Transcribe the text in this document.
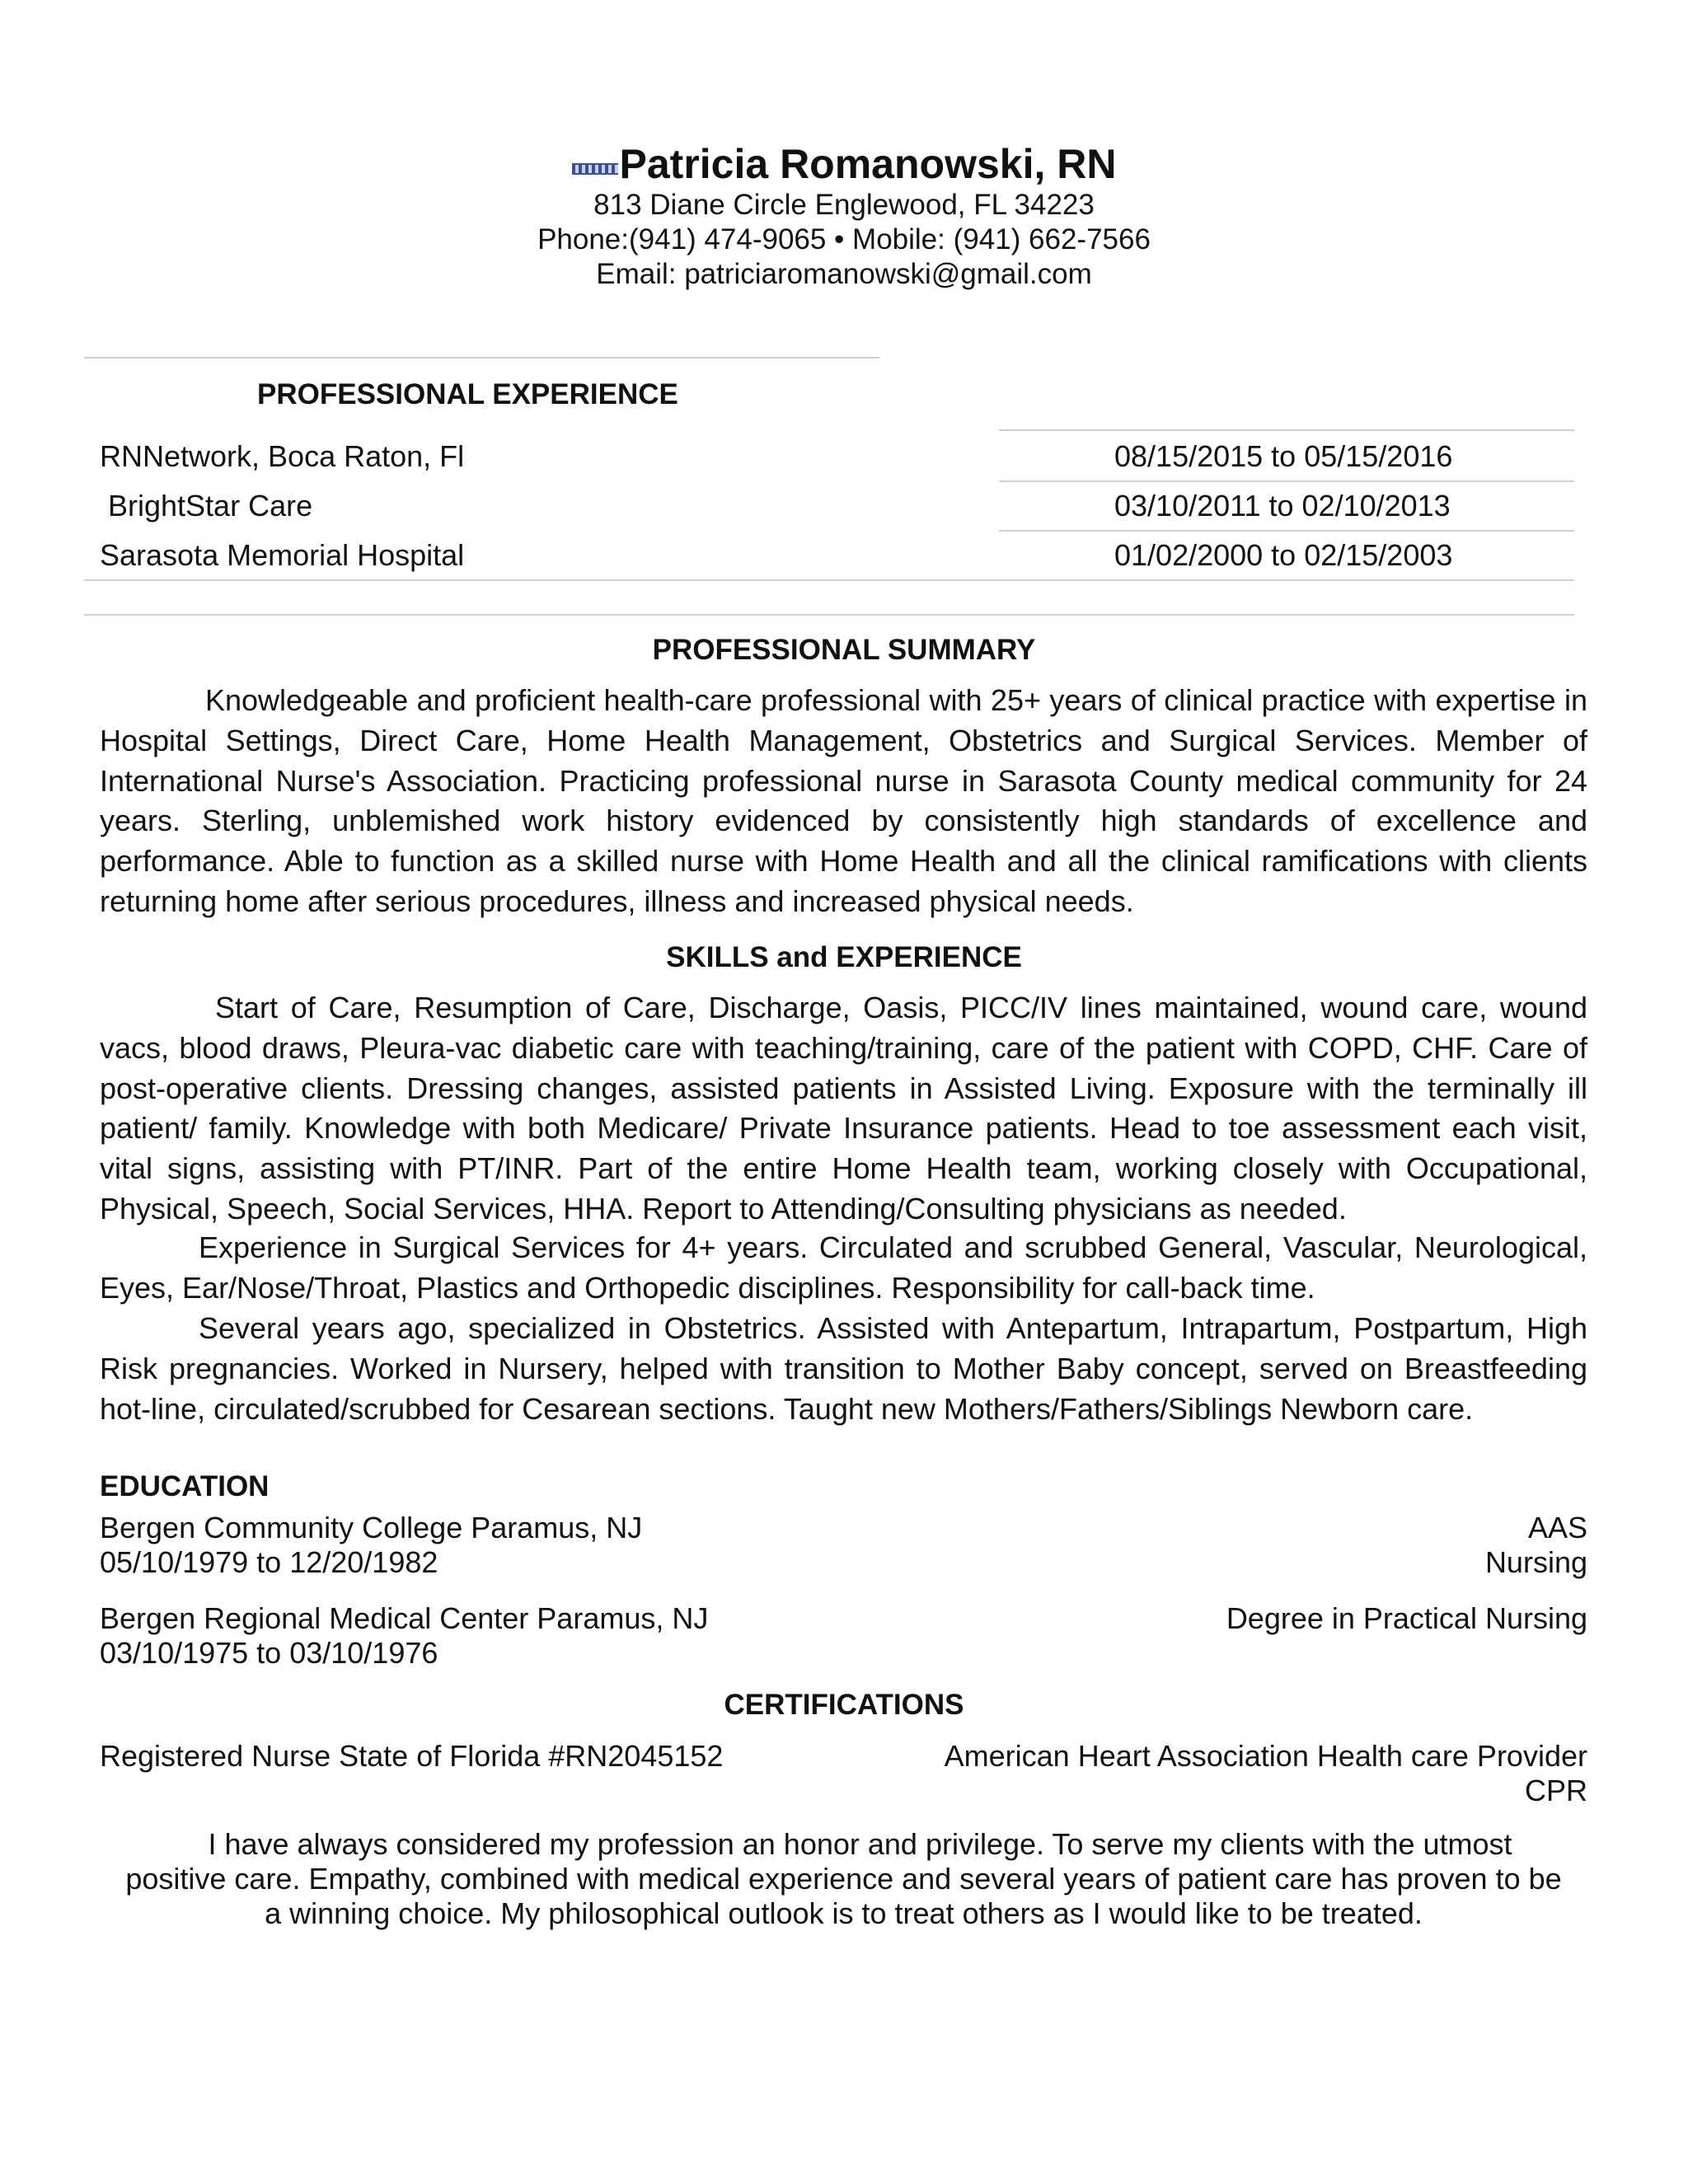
Patricia Romanowski, RN
813 Diane Circle Englewood, FL 34223
Phone:(941) 474-9065 • Mobile: (941) 662-7566
Email: patriciaromanowski@gmail.com
PROFESSIONAL EXPERIENCE
RNNetwork, Boca Raton, Fl	08/15/2015 to 05/15/2016
BrightStar Care	03/10/2011 to 02/10/2013
Sarasota Memorial Hospital	01/02/2000 to 02/15/2003
PROFESSIONAL SUMMARY
Knowledgeable and proficient health-care professional with 25+ years of clinical practice with expertise in Hospital Settings, Direct Care, Home Health Management, Obstetrics and Surgical Services. Member of International Nurse's Association. Practicing professional nurse in Sarasota County medical community for 24 years. Sterling, unblemished work history evidenced by consistently high standards of excellence and performance. Able to function as a skilled nurse with Home Health and all the clinical ramifications with clients returning home after serious procedures, illness and increased physical needs.
SKILLS and EXPERIENCE
Start of Care, Resumption of Care, Discharge, Oasis, PICC/IV lines maintained, wound care, wound vacs, blood draws, Pleura-vac diabetic care with teaching/training, care of the patient with COPD, CHF. Care of post-operative clients. Dressing changes, assisted patients in Assisted Living. Exposure with the terminally ill patient/ family. Knowledge with both Medicare/ Private Insurance patients. Head to toe assessment each visit, vital signs, assisting with PT/INR. Part of the entire Home Health team, working closely with Occupational, Physical, Speech, Social Services, HHA. Report to Attending/Consulting physicians as needed.
Experience in Surgical Services for 4+ years. Circulated and scrubbed General, Vascular, Neurological, Eyes, Ear/Nose/Throat, Plastics and Orthopedic disciplines. Responsibility for call-back time.
Several years ago, specialized in Obstetrics. Assisted with Antepartum, Intrapartum, Postpartum, High Risk pregnancies. Worked in Nursery, helped with transition to Mother Baby concept, served on Breastfeeding hot-line, circulated/scrubbed for Cesarean sections. Taught new Mothers/Fathers/Siblings Newborn care.
EDUCATION
Bergen Community College Paramus, NJ	AAS
05/10/1979 to 12/20/1982	Nursing
Bergen Regional Medical Center Paramus, NJ	Degree in Practical Nursing
03/10/1975 to 03/10/1976
CERTIFICATIONS
Registered Nurse State of Florida #RN2045152	American Heart Association Health care Provider
CPR
I have always considered my profession an honor and privilege. To serve my clients with the utmost
positive care. Empathy, combined with medical experience and several years of patient care has proven to be
a winning choice. My philosophical outlook is to treat others as I would like to be treated.
